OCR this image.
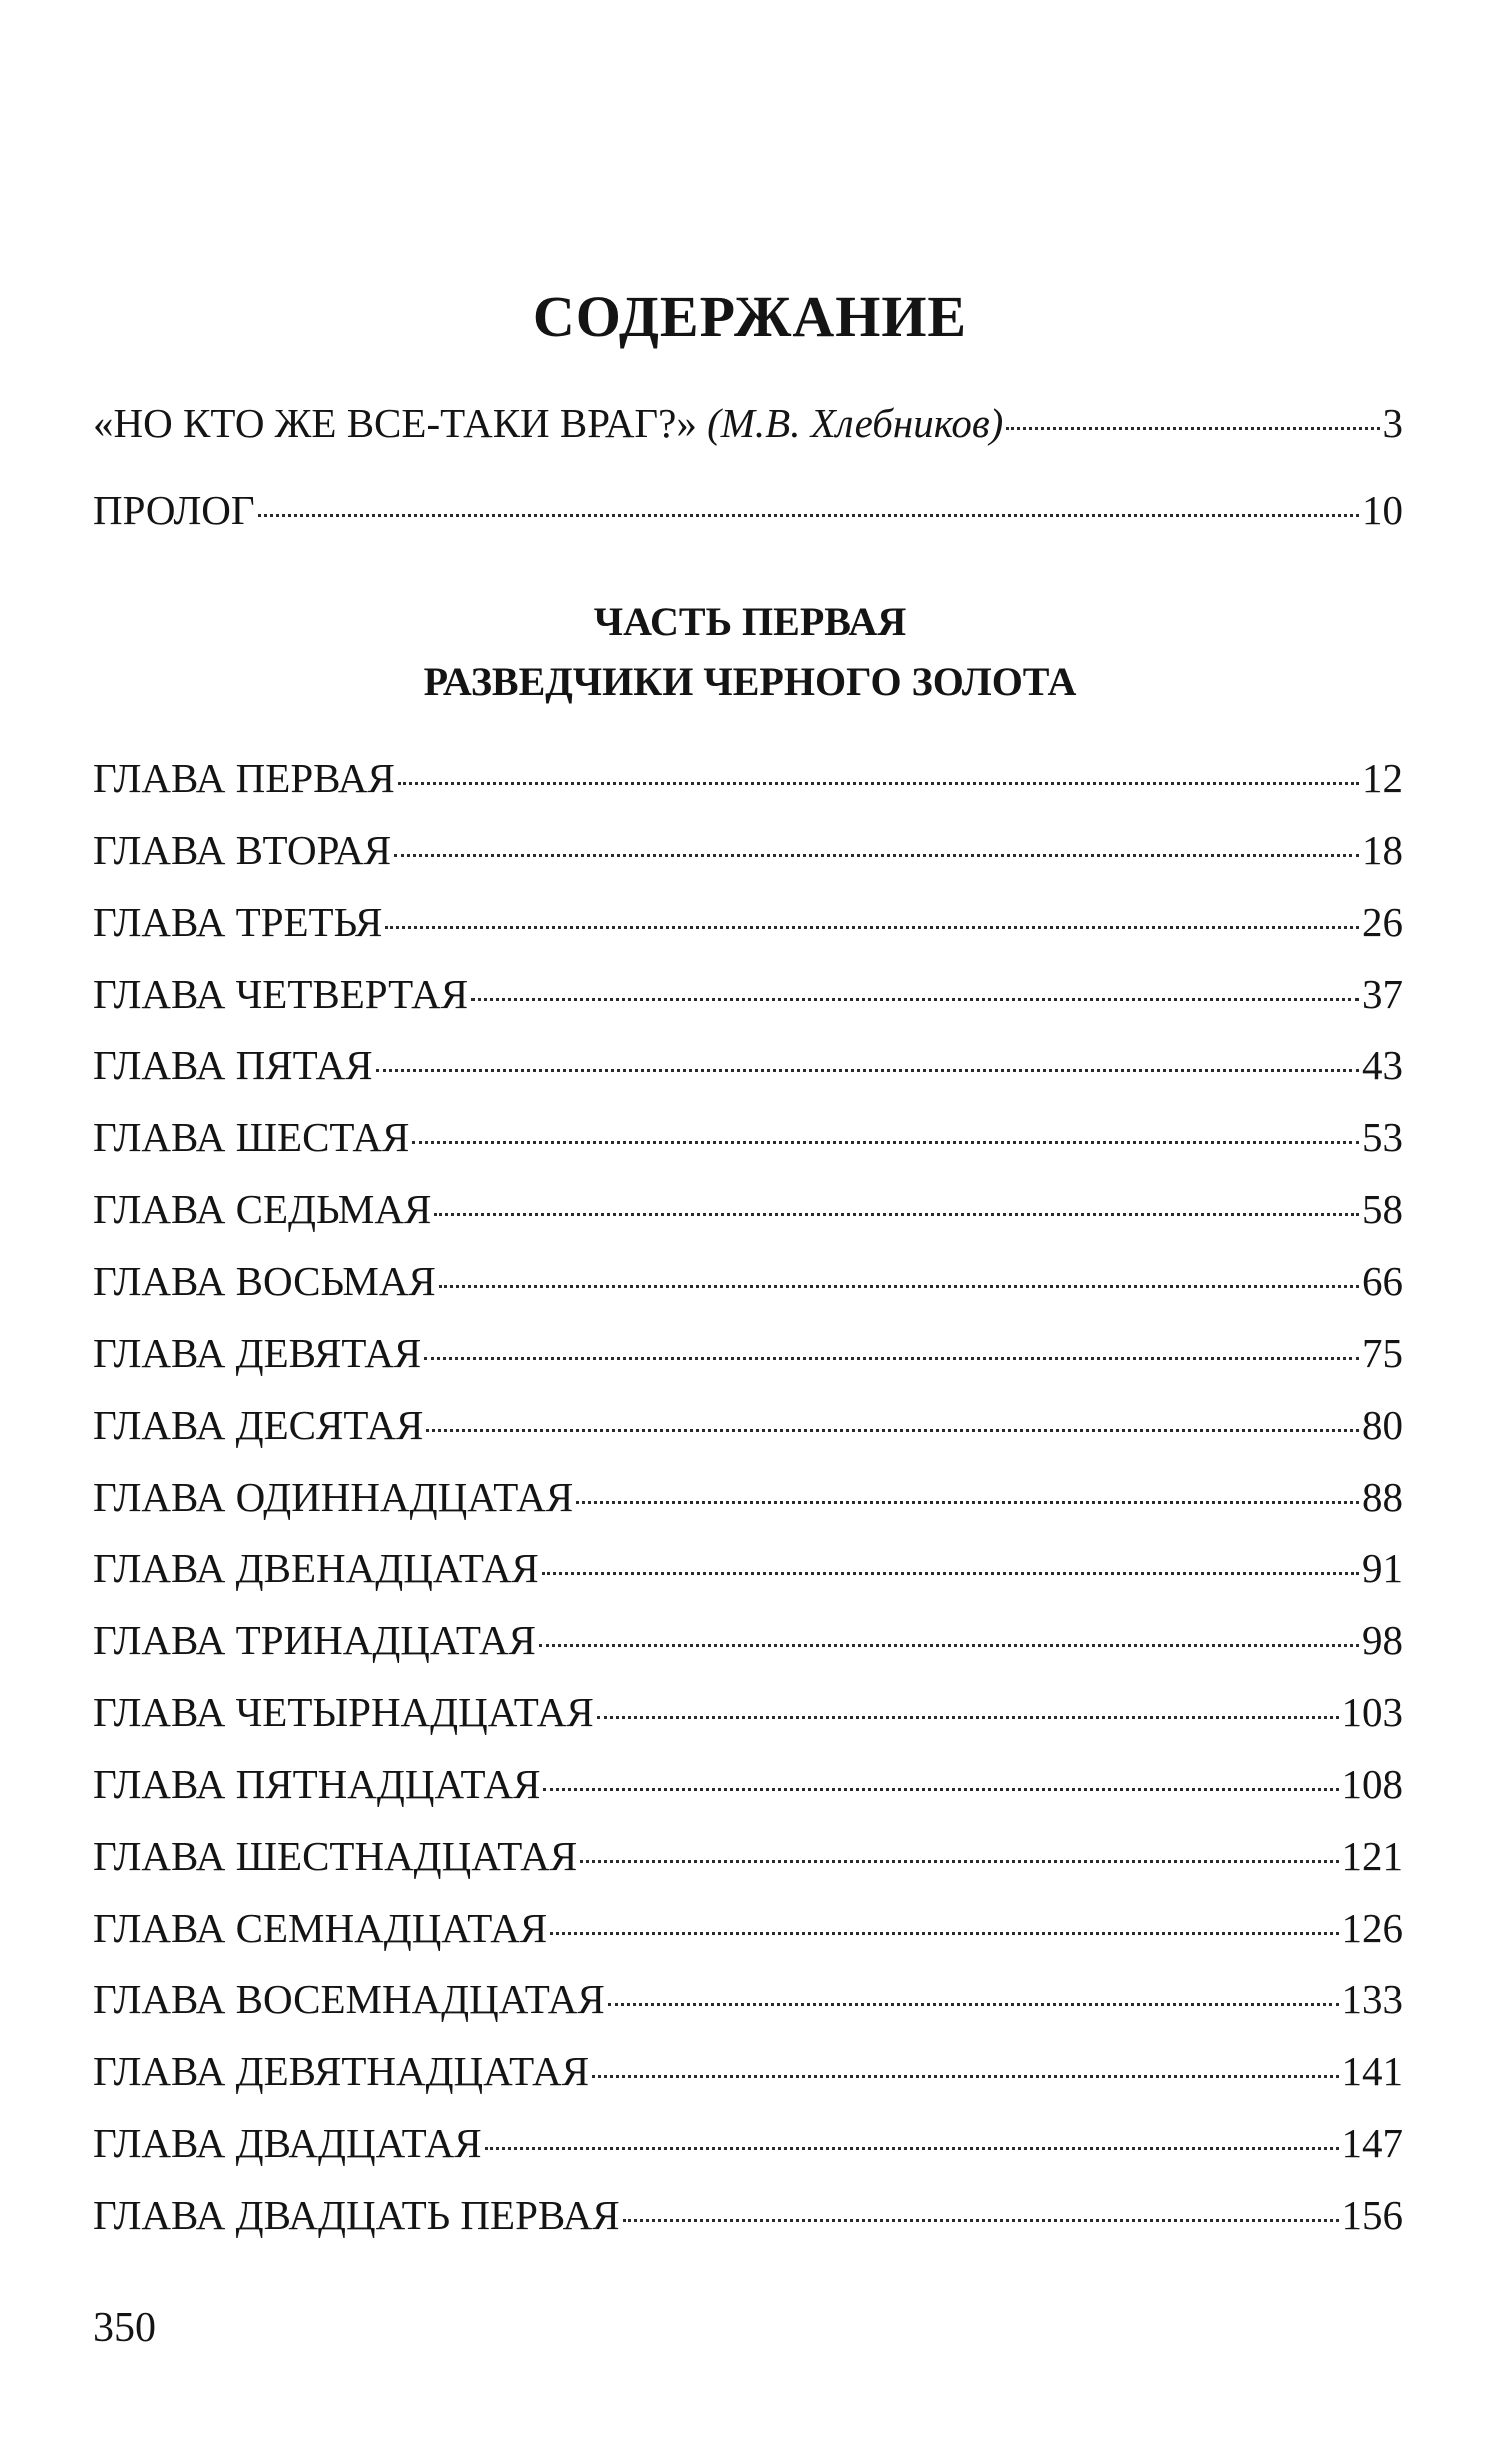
СОДЕРЖАНИЕ
«НО КТО ЖЕ ВСЕ-ТАКИ ВРАГ?» (М.В. Хлебников)	3
ПРОЛОГ	10
ЧАСТЬ ПЕРВАЯ
РАЗВЕДЧИКИ ЧЕРНОГО ЗОЛОТА
ГЛАВА ПЕРВАЯ	12
ГЛАВА ВТОРАЯ	18
ГЛАВА ТРЕТЬЯ	26
ГЛАВА ЧЕТВЕРТАЯ	37
ГЛАВА ПЯТАЯ	43
ГЛАВА ШЕСТАЯ	53
ГЛАВА СЕДЬМАЯ	58
ГЛАВА ВОСЬМАЯ	66
ГЛАВА ДЕВЯТАЯ	75
ГЛАВА ДЕСЯТАЯ	80
ГЛАВА ОДИННАДЦАТАЯ	88
ГЛАВА ДВЕНАДЦАТАЯ	91
ГЛАВА ТРИНАДЦАТАЯ	98
ГЛАВА ЧЕТЫРНАДЦАТАЯ	103
ГЛАВА ПЯТНАДЦАТАЯ	108
ГЛАВА ШЕСТНАДЦАТАЯ	121
ГЛАВА СЕМНАДЦАТАЯ	126
ГЛАВА ВОСЕМНАДЦАТАЯ	133
ГЛАВА ДЕВЯТНАДЦАТАЯ	141
ГЛАВА ДВАДЦАТАЯ	147
ГЛАВА ДВАДЦАТЬ ПЕРВАЯ	156
350
